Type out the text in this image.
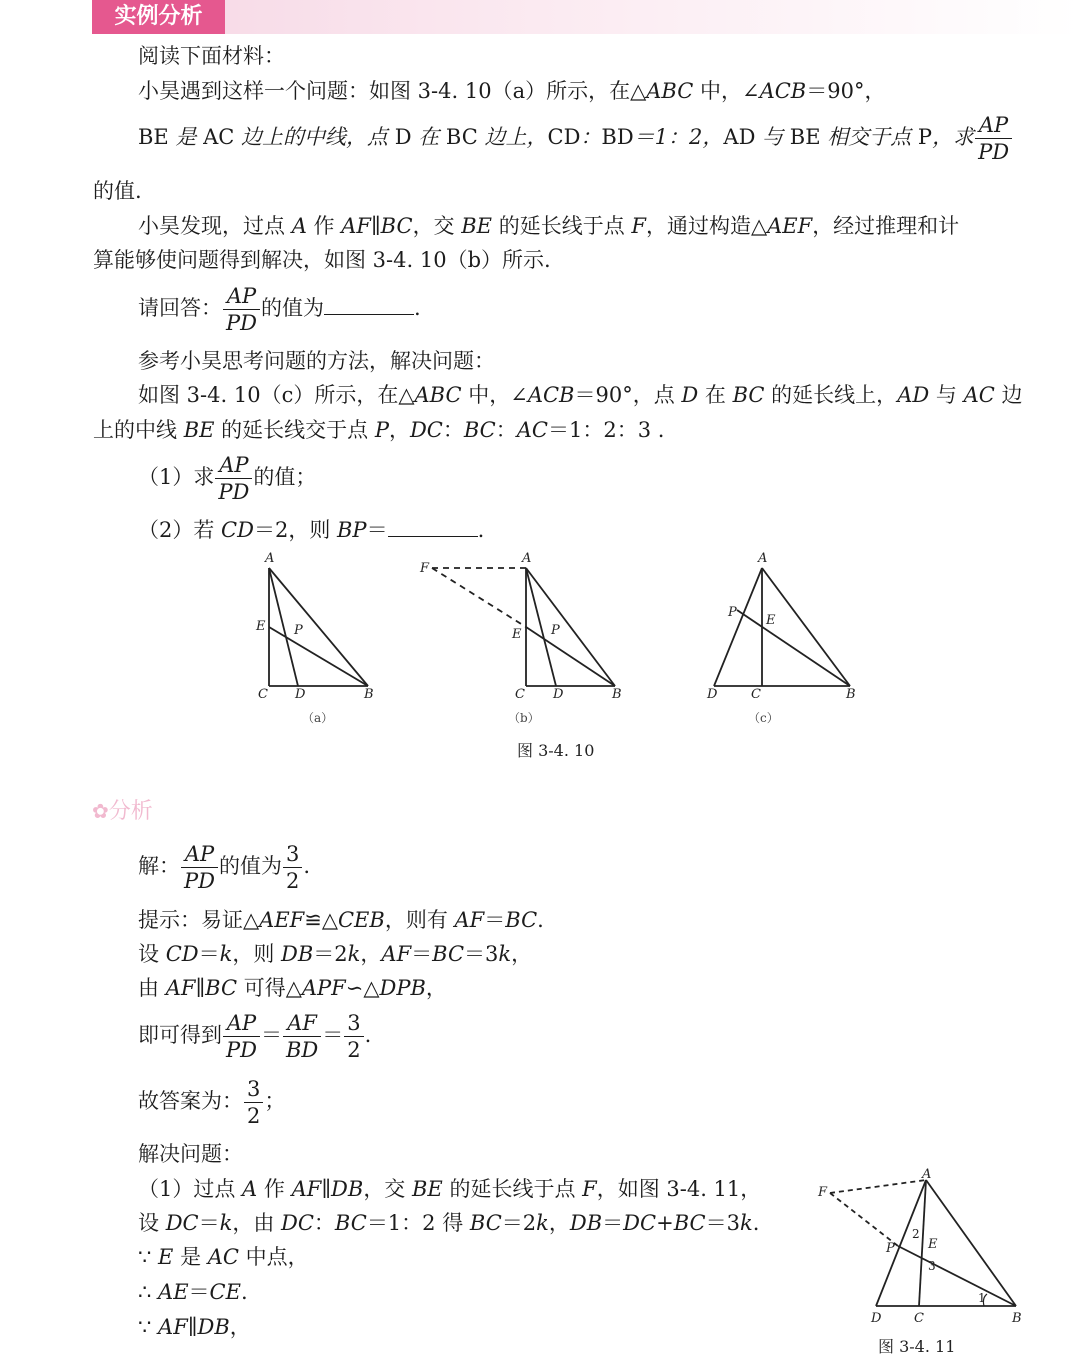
实例分析
阅读下面材料：
小昊遇到这样一个问题：如图 3-4. 10（a）所示，在△ABC 中，∠ACB＝90°，
BE 是 AC 边上的中线，点 D 在 BC 边上，CD：BD＝1：2，AD 与 BE 相交于点 P，求 $\frac{AP}{PD}$
的值.
小昊发现，过点 A 作 AF∥BC，交 BE 的延长线于点 F，通过构造△AEF，经过推理和计
算能够使问题得到解决，如图 3-4. 10（b）所示.
请回答： $\frac{AP}{PD}$ 的值为	.
参考小昊思考问题的方法，解决问题：
如图 3-4. 10（c）所示，在△ABC 中，∠ACB＝90°，点 D 在 BC 的延长线上，AD 与 AC 边
上的中线 BE 的延长线交于点 P，DC：BC：AC＝1：2：3 .
（1）求 $\frac{AP}{PD}$ 的值；
（2）若 CD＝2，则 BP＝	.
A
E P
C D	B
F
A
E P
C D	B
A
P
E
D	C	B
（a）	（b）	（c）
图 3-4. 10
✿分析
解： $\frac{AP}{PD}$ 的值为 $\frac{3}{2}$ .
提示：易证△AEF≌△CEB，则有 AF＝BC.
设 CD＝k，则 DB＝2k，AF＝BC＝3k，
由 AF∥BC 可得△APF∽△DPB，
即可得到 $\frac{AP}{PD} = \frac{AF}{BD} = \frac{3}{2}$ .
故答案为： $\frac{3}{2}$ ；
解决问题：
（1）过点 A 作 AF∥DB，交 BE 的延长线于点 F，如图 3-4. 11，
设 DC＝k，由 DC：BC＝1：2 得 BC＝2k，DB＝DC+BC＝3k.
∵ E 是 AC 中点，
∴ AE＝CE.
∵ AF∥DB，
F
A
P	E
D	C	B
2
3
1
图 3-4. 11
